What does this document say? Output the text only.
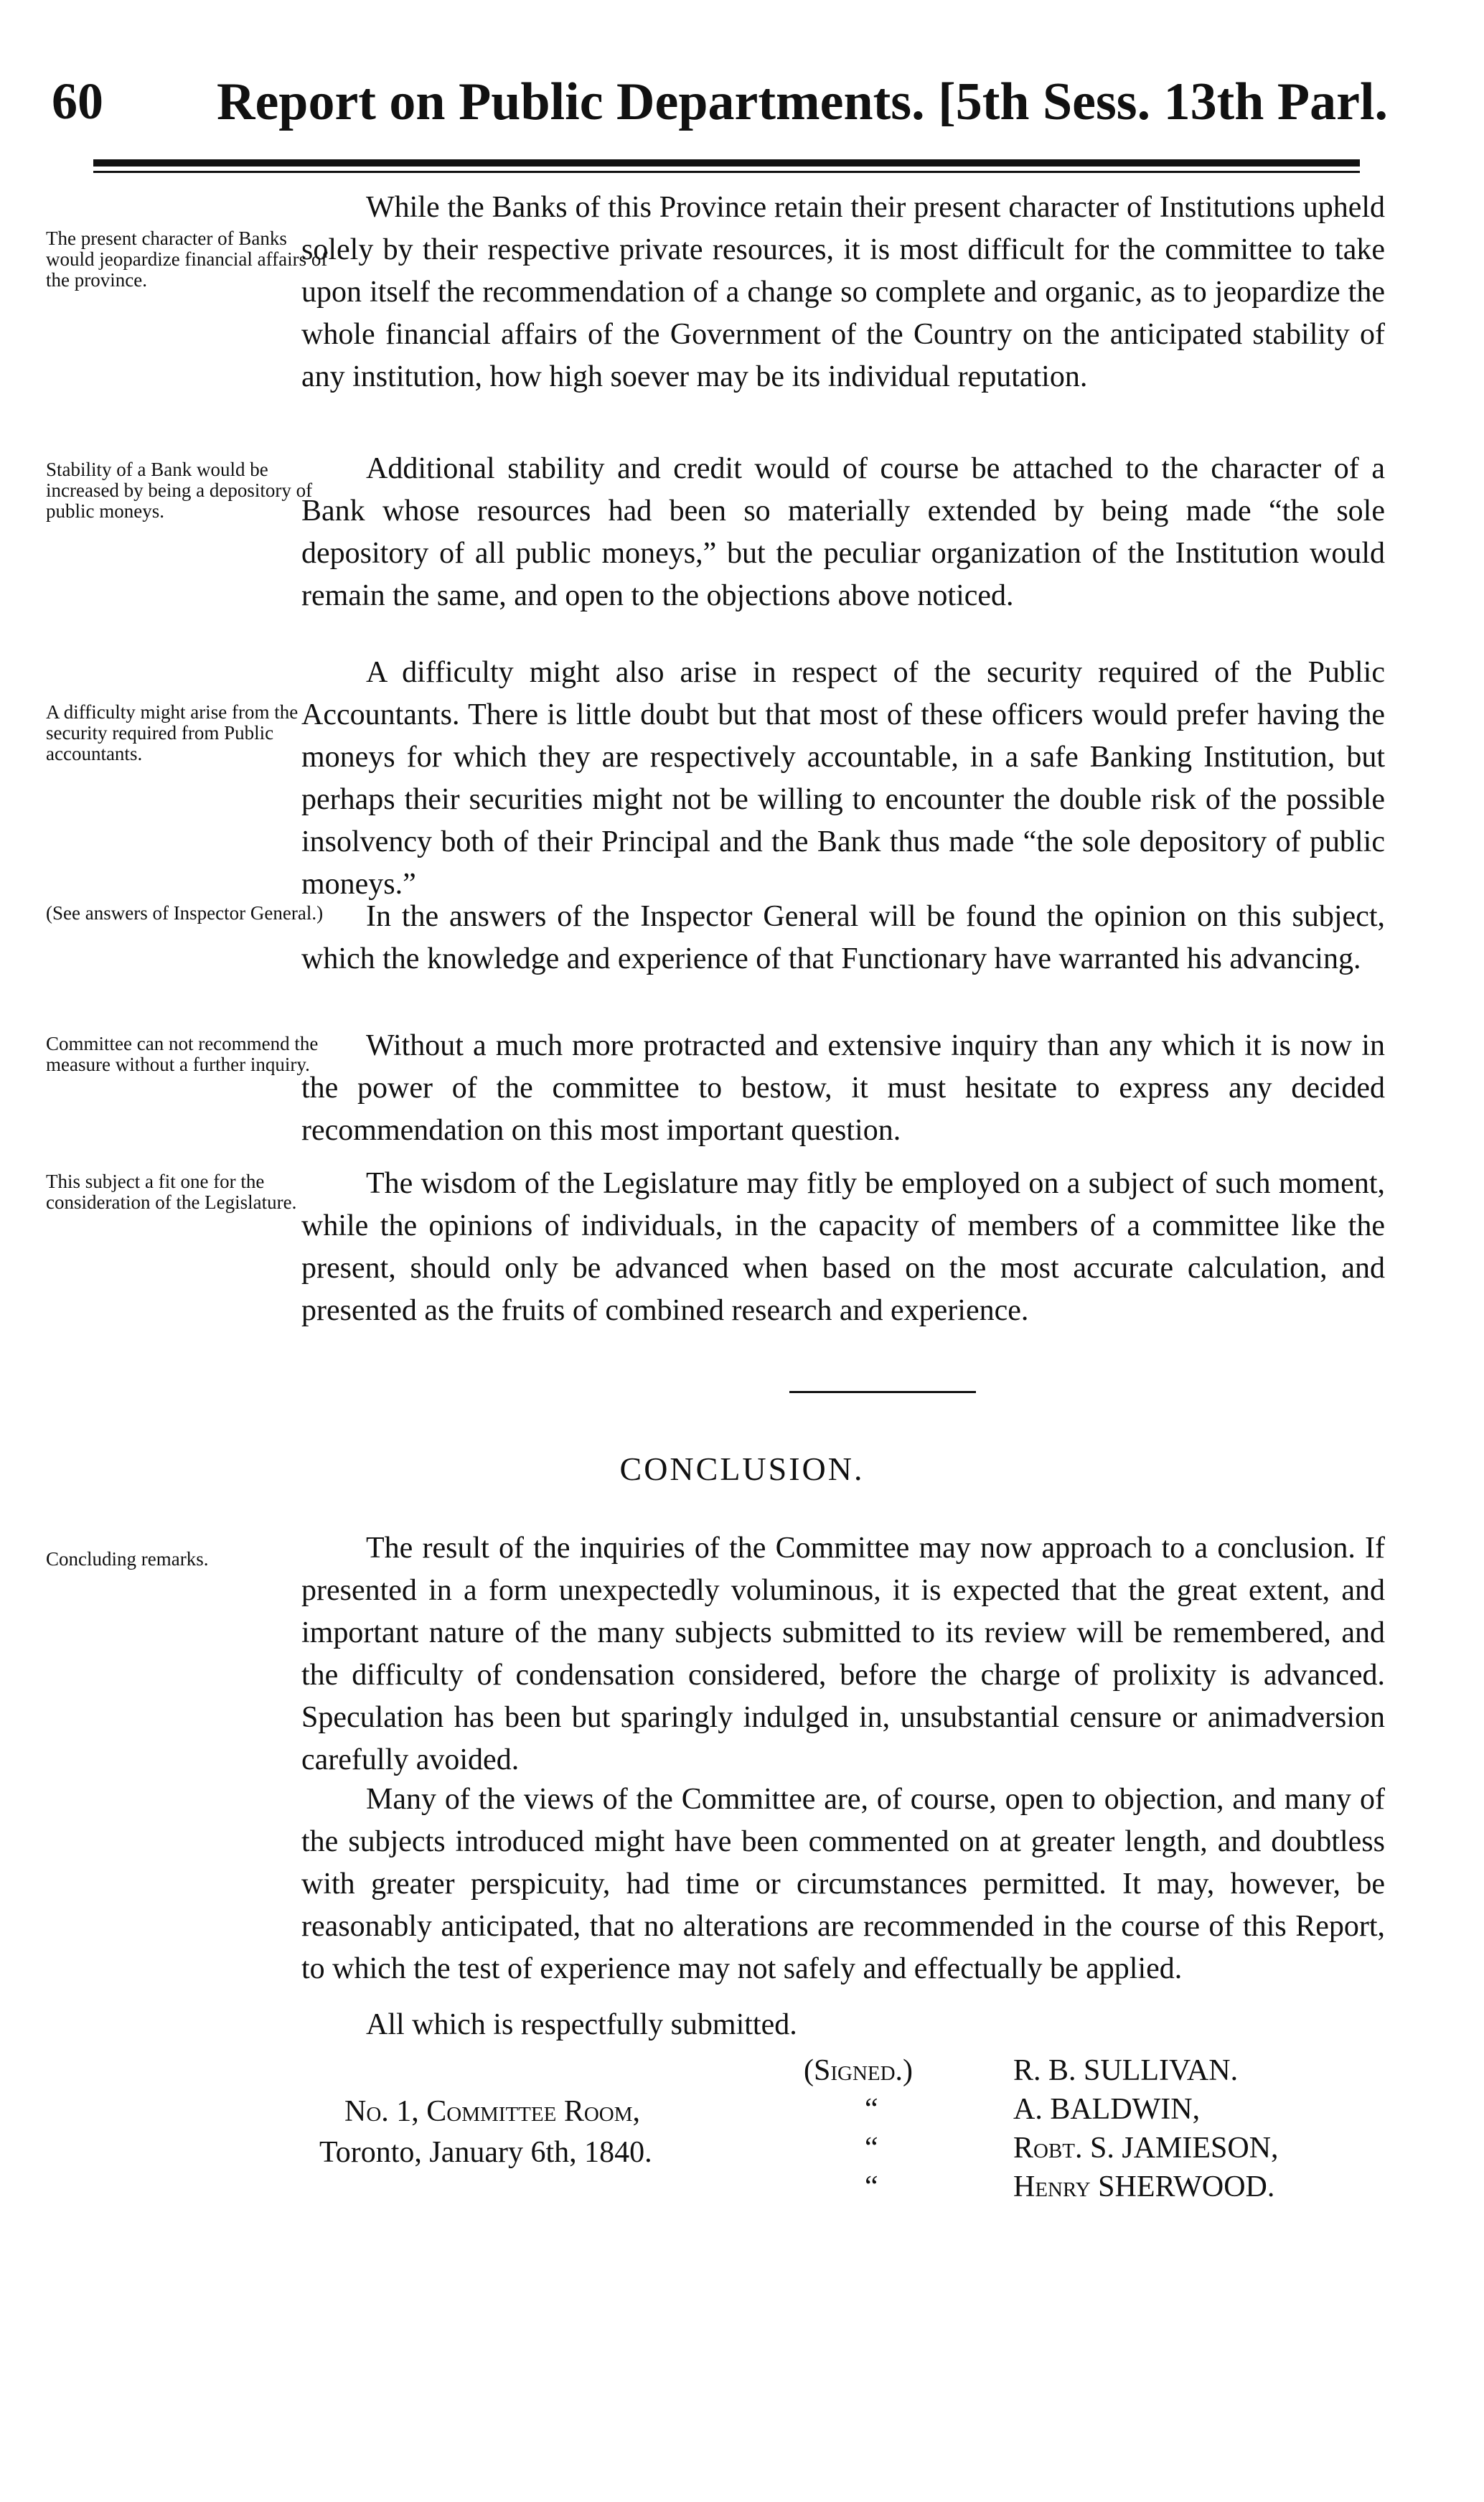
60 Report on Public Departments. [5th Sess. 13th Parl.
The present character of Banks would jeopardize financial affairs of the province.

While the Banks of this Province retain their present character of Institutions upheld solely by their respective private resources, it is most difficult for the committee to take upon itself the recommendation of a change so complete and organic, as to jeopardize the whole financial affairs of the Government of the Country on the anticipated stability of any institution, how high soever may be its individual reputation.

Stability of a Bank would be increased by being a depository of public moneys.

Additional stability and credit would of course be attached to the character of a Bank whose resources had been so materially extended by being made “the sole depository of all public moneys,” but the peculiar organization of the Institution would remain the same, and open to the objections above noticed.

A difficulty might arise from the security required from Public accountants.

A difficulty might also arise in respect of the security required of the Public Accountants. There is little doubt but that most of these officers would prefer having the moneys for which they are respectively accountable, in a safe Banking Institution, but perhaps their securities might not be willing to encounter the double risk of the possible insolvency both of their Principal and the Bank thus made “the sole depository of public moneys.”

(See answers of Inspector General.)	In the answers of the Inspector General will be found the opinion on this subject, which the knowledge and experience of that Functionary have warranted his advancing.

Committee can not recommend the measure without a further inquiry.

Without a much more protracted and extensive inquiry than any which it is now in the power of the committee to bestow, it must hesitate to express any decided recommendation on this most important question.

This subject a fit one for the consideration of the Legislature.

The wisdom of the Legislature may fitly be employed on a subject of such moment, while the opinions of individuals, in the capacity of members of a committee like the present, should only be advanced when based on the most accurate calculation, and presented as the fruits of combined research and experience.

CONCLUSION.
Concluding remarks.	The result of the inquiries of the Committee may now approach to a conclusion. If presented in a form unexpectedly voluminous, it is expected that the great extent, and important nature of the many subjects submitted to its review will be remembered, and the difficulty of condensation considered, before the charge of prolixity is advanced. Speculation has been but sparingly indulged in, unsubstantial censure or animadversion carefully avoided.

Many of the views of the Committee are, of course, open to objection, and many of the subjects introduced might have been commented on at greater length, and doubtless with greater perspicuity, had time or circumstances permitted. It may, however, be reasonably anticipated, that no alterations are recommended in the course of this Report, to which the test of experience may not safely and effectually be applied.

All which is respectfully submitted.

No. 1, Committee Room,
Toronto, January 6th, 1840.
(Signed.)
“
“
“
R. B. SULLIVAN.
A. BALDWIN,
Robt. S. JAMIESON,
Henry SHERWOOD.
